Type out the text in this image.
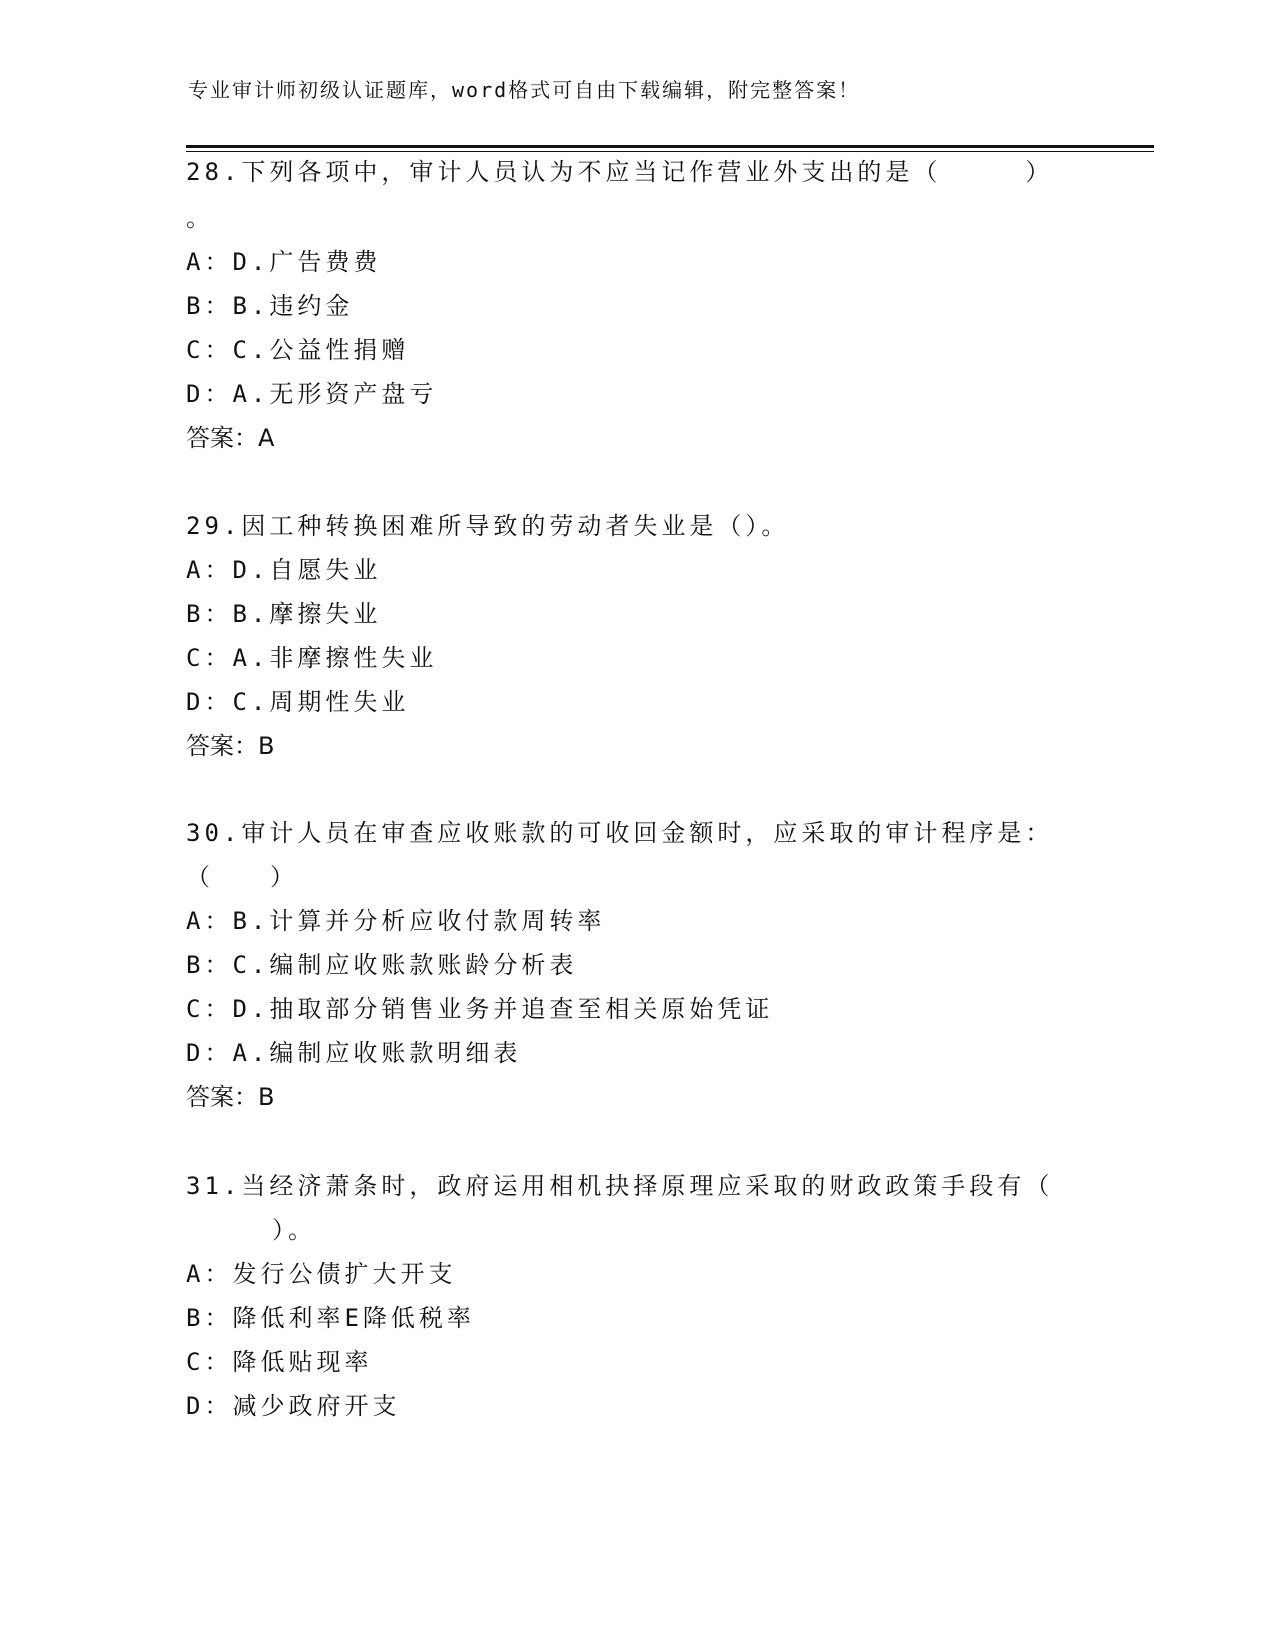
专业审计师初级认证题库，word格式可自由下载编辑，附完整答案！
28.下列各项中，审计人员认为不应当记作营业外支出的是（　　　）
。
A：D.广告费费
B：B.违约金
C：C.公益性捐赠
D：A.无形资产盘亏
答案：A
29.因工种转换困难所导致的劳动者失业是（）。
A：D.自愿失业
B：B.摩擦失业
C：A.非摩擦性失业
D：C.周期性失业
答案：B
30.审计人员在审查应收账款的可收回金额时，应采取的审计程序是：
（　　）
A：B.计算并分析应收付款周转率
B：C.编制应收账款账龄分析表
C：D.抽取部分销售业务并追查至相关原始凭证
D：A.编制应收账款明细表
答案：B
31.当经济萧条时，政府运用相机抉择原理应采取的财政政策手段有（
）。
A：发行公债扩大开支
B：降低利率E降低税率
C：降低贴现率
D：减少政府开支
